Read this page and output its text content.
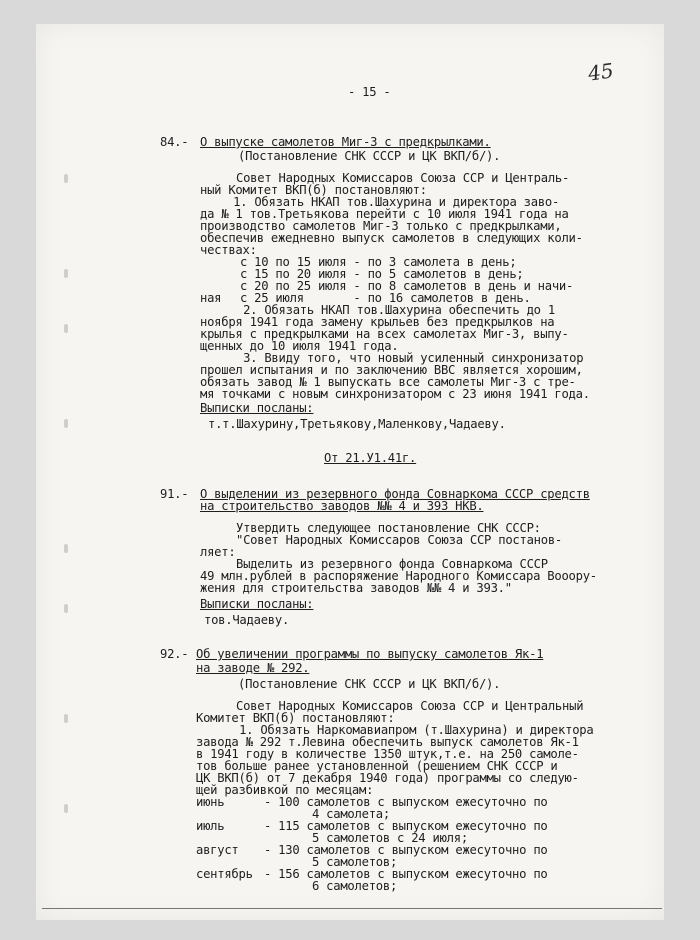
45
- 15 -
84.- О выпуске самолетов Миг-3 с предкрылками.
(Постановление СНК СССР и ЦК ВКП/б/).
Совет Народных Комиссаров Союза ССР и Централь-
ный Комитет ВКП(б) постановляют:
1. Обязать НКАП тов.Шахурина и директора заво-
да № 1 тов.Третьякова перейти с 10 июля 1941 года на
производство самолетов Миг-3 только с предкрылками,
обеспечив ежедневно выпуск самолетов в следующих коли-
чествах:
с 10 по 15 июля - по 3 самолета в день;
с 15 по 20 июля - по 5 самолетов в день;
с 20 по 25 июля - по 8 самолетов в день и начи-
ная с 25 июля       - по 16 самолетов в день.
2. Обязать НКАП тов.Шахурина обеспечить до 1
ноября 1941 года замену крыльев без предкрылков на
крылья с предкрылками на всех самолетах Миг-3, выпу-
щенных до 10 июля 1941 года.
3. Ввиду того, что новый усиленный синхронизатор
прошел испытания и по заключению ВВС является хорошим,
обязать завод № 1 выпускать все самолеты Миг-3 с тре-
мя точками с новым синхронизатором с 23 июня 1941 года.
Выписки посланы:
т.т.Шахурину,Третьякову,Маленкову,Чадаеву.
От 21.У1.41г.
91.- О выделении из резервного фонда Совнаркома СССР средств
на строительство заводов №№ 4 и 393 НКВ.
Утвердить следующее постановление СНК СССР:
"Совет Народных Комиссаров Союза ССР постанов-
ляет:
Выделить из резервного фонда Совнаркома СССР
49 млн.рублей в распоряжение Народного Комиссара Вооору-
жения для строительства заводов №№ 4 и 393."
Выписки посланы:
тов.Чадаеву.
92.- Об увеличении программы по выпуску самолетов Як-1
на заводе № 292.
(Постановление СНК СССР и ЦК ВКП/б/).
Совет Народных Комиссаров Союза ССР и Центральный
Комитет ВКП(б) постановляют:
1. Обязать Наркомавиапром (т.Шахурина) и директора
завода № 292 т.Левина обеспечить выпуск самолетов Як-1
в 1941 году в количестве 1350 штук,т.е. на 250 самоле-
тов больше ранее установленной (решением СНК СССР и
ЦК ВКП(б) от 7 декабря 1940 года) программы со следую-
щей разбивкой по месяцам:
июнь	- 100 самолетов с выпуском ежесуточно по
4 самолета;
июль	- 115 самолетов с выпуском ежесуточно по
5 самолетов с 24 июля;
август - 130 самолетов с выпуском ежесуточно по
5 самолетов;
сентябрь - 156 самолетов с выпуском ежесуточно по
6 самолетов;
